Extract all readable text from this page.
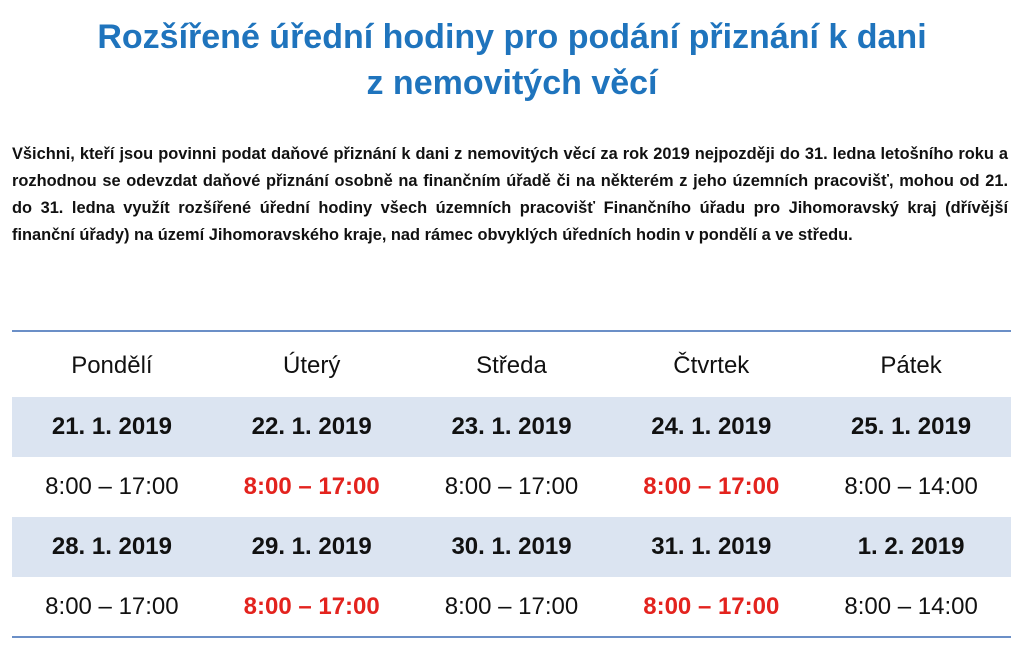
Rozšířené úřední hodiny pro podání přiznání k dani
z nemovitých věcí

Všichni, kteří jsou povinni podat daňové přiznání k dani z nemovitých věcí za rok 2019 nejpozději do 31. ledna letošního roku a rozhodnou se odevzdat daňové přiznání osobně na finančním úřadě či na některém z jeho územních pracovišť, mohou od 21. do 31. ledna využít rozšířené úřední hodiny všech územních pracovišť Finančního úřadu pro Jihomoravský kraj (dřívější finanční úřady) na území Jihomoravského kraje, nad rámec obvyklých úředních hodin v pondělí a ve středu.

Pondělí	Úterý	Středa	Čtvrtek	Pátek
21. 1. 2019	22. 1. 2019	23. 1. 2019	24. 1. 2019	25. 1. 2019
8:00 – 17:00	8:00 – 17:00	8:00 – 17:00	8:00 – 17:00	8:00 – 14:00
28. 1. 2019	29. 1. 2019	30. 1. 2019	31. 1. 2019	1. 2. 2019
8:00 – 17:00	8:00 – 17:00	8:00 – 17:00	8:00 – 17:00	8:00 – 14:00
